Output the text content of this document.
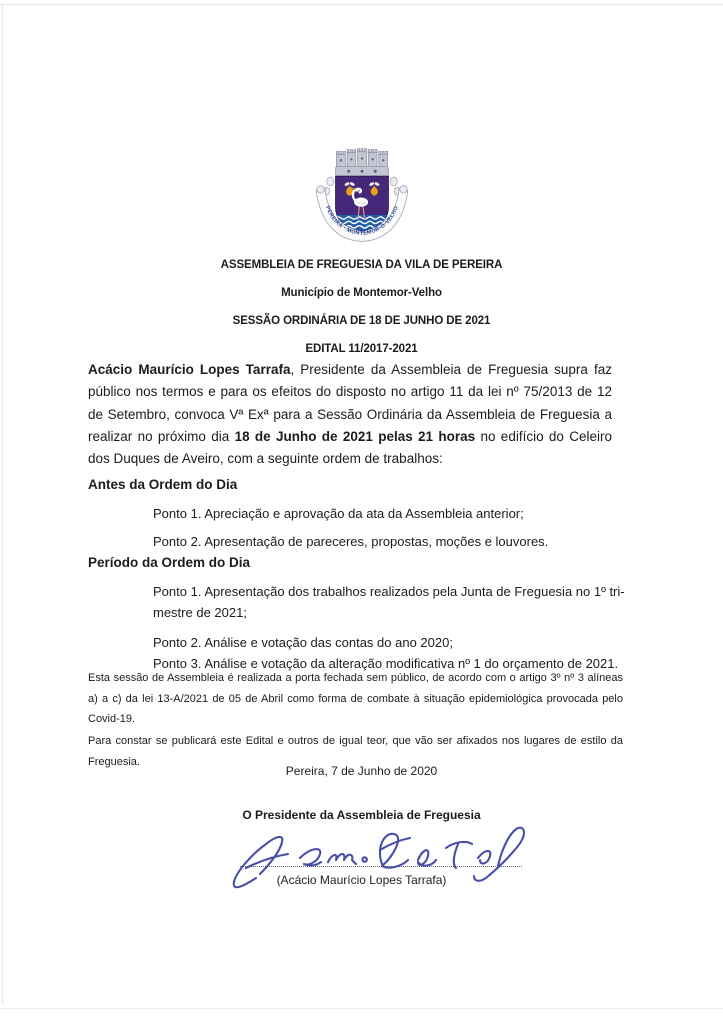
PEREIRA · MONTEMOR-O-VELHO
ASSEMBLEIA DE FREGUESIA DA VILA DE PEREIRA
Município de Montemor-Velho
SESSÃO ORDINÁRIA DE 18 DE JUNHO DE 2021
EDITAL 11/2017-2021

Acácio Maurício Lopes Tarrafa, Presidente da Assembleia de Freguesia supra faz público nos termos e para os efeitos do disposto no artigo 11 da lei nº 75/2013 de 12 de Setembro, convoca Vª Exª para a Sessão Ordinária da Assembleia de Freguesia a realizar no próximo dia 18 de Junho de 2021 pelas 21 horas no edifício do Celeiro dos Duques de Aveiro, com a seguinte ordem de trabalhos:

Antes da Ordem do Dia

Ponto 1. Apreciação e aprovação da ata da Assembleia anterior;

Ponto 2. Apresentação de pareceres, propostas, moções e louvores.

Período da Ordem do Dia

Ponto 1. Apresentação dos trabalhos realizados pela Junta de Freguesia no 1º tri-
mestre de 2021;

Ponto 2. Análise e votação das contas do ano 2020;

Ponto 3. Análise e votação da alteração modificativa nº 1 do orçamento de 2021.

Esta sessão de Assembleia é realizada a porta fechada sem público, de acordo com o artigo 3º nº 3 alíneas a) a c) da lei 13-A/2021 de 05 de Abril como forma de combate à situação epidemiológica provocada pelo Covid-19.

Para constar se publicará este Edital e outros de igual teor, que vão ser afixados nos lugares de estilo da Freguesia.

Pereira, 7 de Junho de 2020

O Presidente da Assembleia de Freguesia

(Acácio Maurício Lopes Tarrafa)
